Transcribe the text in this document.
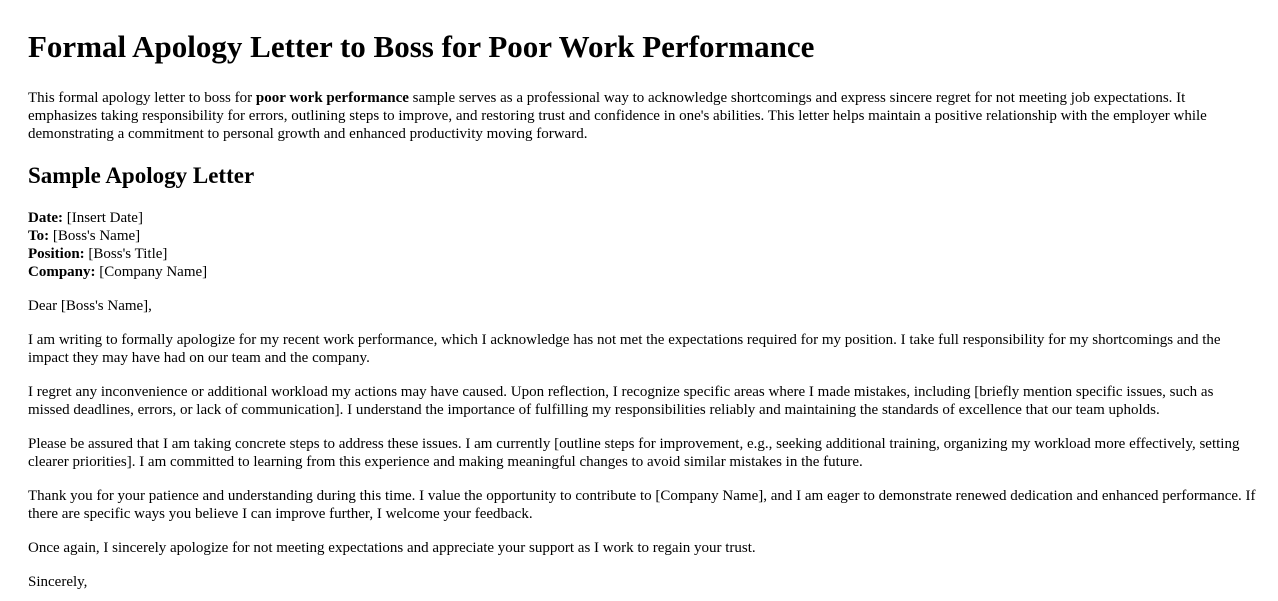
Formal Apology Letter to Boss for Poor Work Performance

This formal apology letter to boss for poor work performance sample serves as a professional way to acknowledge shortcomings and express sincere regret for not meeting job expectations. It emphasizes taking responsibility for errors, outlining steps to improve, and restoring trust and confidence in one's abilities. This letter helps maintain a positive relationship with the employer while demonstrating a commitment to personal growth and enhanced productivity moving forward.

Sample Apology Letter
Date: [Insert Date]
To: [Boss's Name]
Position: [Boss's Title]
Company: [Company Name]

Dear [Boss's Name],

I am writing to formally apologize for my recent work performance, which I acknowledge has not met the expectations required for my position. I take full responsibility for my shortcomings and the impact they may have had on our team and the company.

I regret any inconvenience or additional workload my actions may have caused. Upon reflection, I recognize specific areas where I made mistakes, including [briefly mention specific issues, such as missed deadlines, errors, or lack of communication]. I understand the importance of fulfilling my responsibilities reliably and maintaining the standards of excellence that our team upholds.

Please be assured that I am taking concrete steps to address these issues. I am currently [outline steps for improvement, e.g., seeking additional training, organizing my workload more effectively, setting clearer priorities]. I am committed to learning from this experience and making meaningful changes to avoid similar mistakes in the future.

Thank you for your patience and understanding during this time. I value the opportunity to contribute to [Company Name], and I am eager to demonstrate renewed dedication and enhanced performance. If there are specific ways you believe I can improve further, I welcome your feedback.

Once again, I sincerely apologize for not meeting expectations and appreciate your support as I work to regain your trust.

Sincerely,
